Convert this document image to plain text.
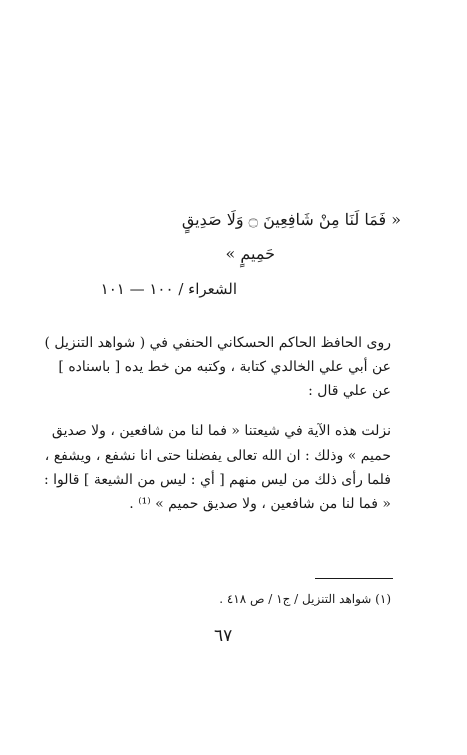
« فَمَا لَنَا مِنْ شَافِعِينَ ۝ وَلَا صَدِيقٍ
حَمِيمٍ »
الشعراء / ١٠٠ — ١٠١
روى الحافظ الحاكم الحسكاني الحنفي في ( شواهد التنزيل )
عن أبي علي الخالدي كتابة ، وكتبه من خط يده [ باسناده ]
عن علي قال :
نزلت هذه الآية في شيعتنا « فما لنا من شافعين ، ولا صديق
حميم » وذلك : ان الله تعالى يفضلنا حتى انا نشفع ، ويشفع ،
فلما رأى ذلك من ليس منهم [ أي : ليس من الشيعة ] قالوا :
« فما لنا من شافعين ، ولا صديق حميم » ⁽¹⁾ .
(١) شواهد التنزيل / ج١ / ص ٤١٨ .
٦٧
